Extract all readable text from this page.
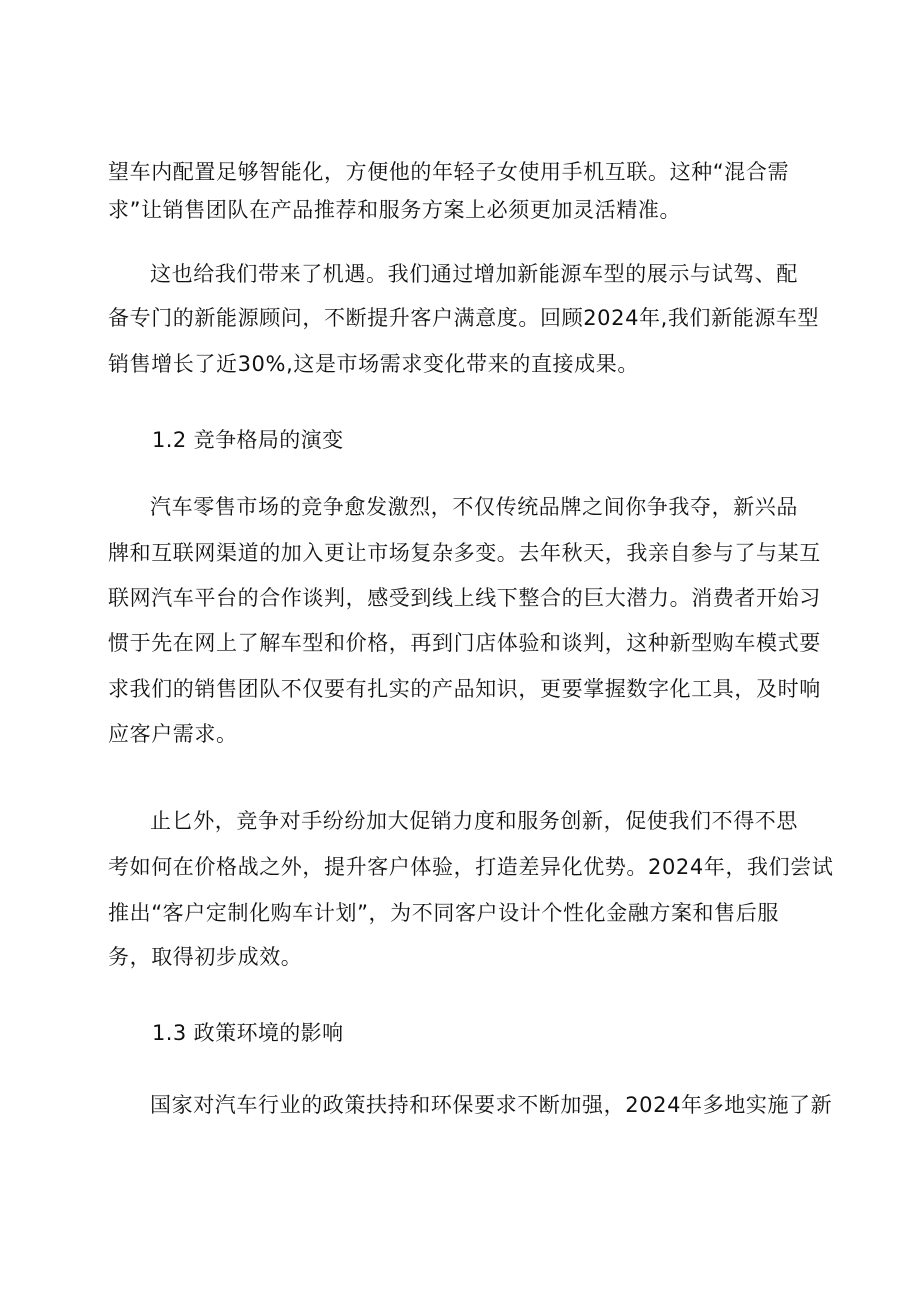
望车内配置足够智能化，方便他的年轻子女使用手机互联。这种“混合需

求”让销售团队在产品推荐和服务方案上必须更加灵活精准。

这也给我们带来了机遇。我们通过增加新能源车型的展示与试驾、配

备专门的新能源顾问，不断提升客户满意度。回顾2024年,我们新能源车型

销售增长了近30%,这是市场需求变化带来的直接成果。

1.2 竞争格局的演变

汽车零售市场的竞争愈发激烈，不仅传统品牌之间你争我夺，新兴品

牌和互联网渠道的加入更让市场复杂多变。去年秋天，我亲自参与了与某互

联网汽车平台的合作谈判，感受到线上线下整合的巨大潜力。消费者开始习

惯于先在网上了解车型和价格，再到门店体验和谈判，这种新型购车模式要

求我们的销售团队不仅要有扎实的产品知识，更要掌握数字化工具，及时响

应客户需求。

止匕外，竞争对手纷纷加大促销力度和服务创新，促使我们不得不思

考如何在价格战之外，提升客户体验，打造差异化优势。2024年，我们尝试

推出“客户定制化购车计划”，为不同客户设计个性化金融方案和售后服

务，取得初步成效。

1.3 政策环境的影响

国家对汽车行业的政策扶持和环保要求不断加强，2024年多地实施了新
